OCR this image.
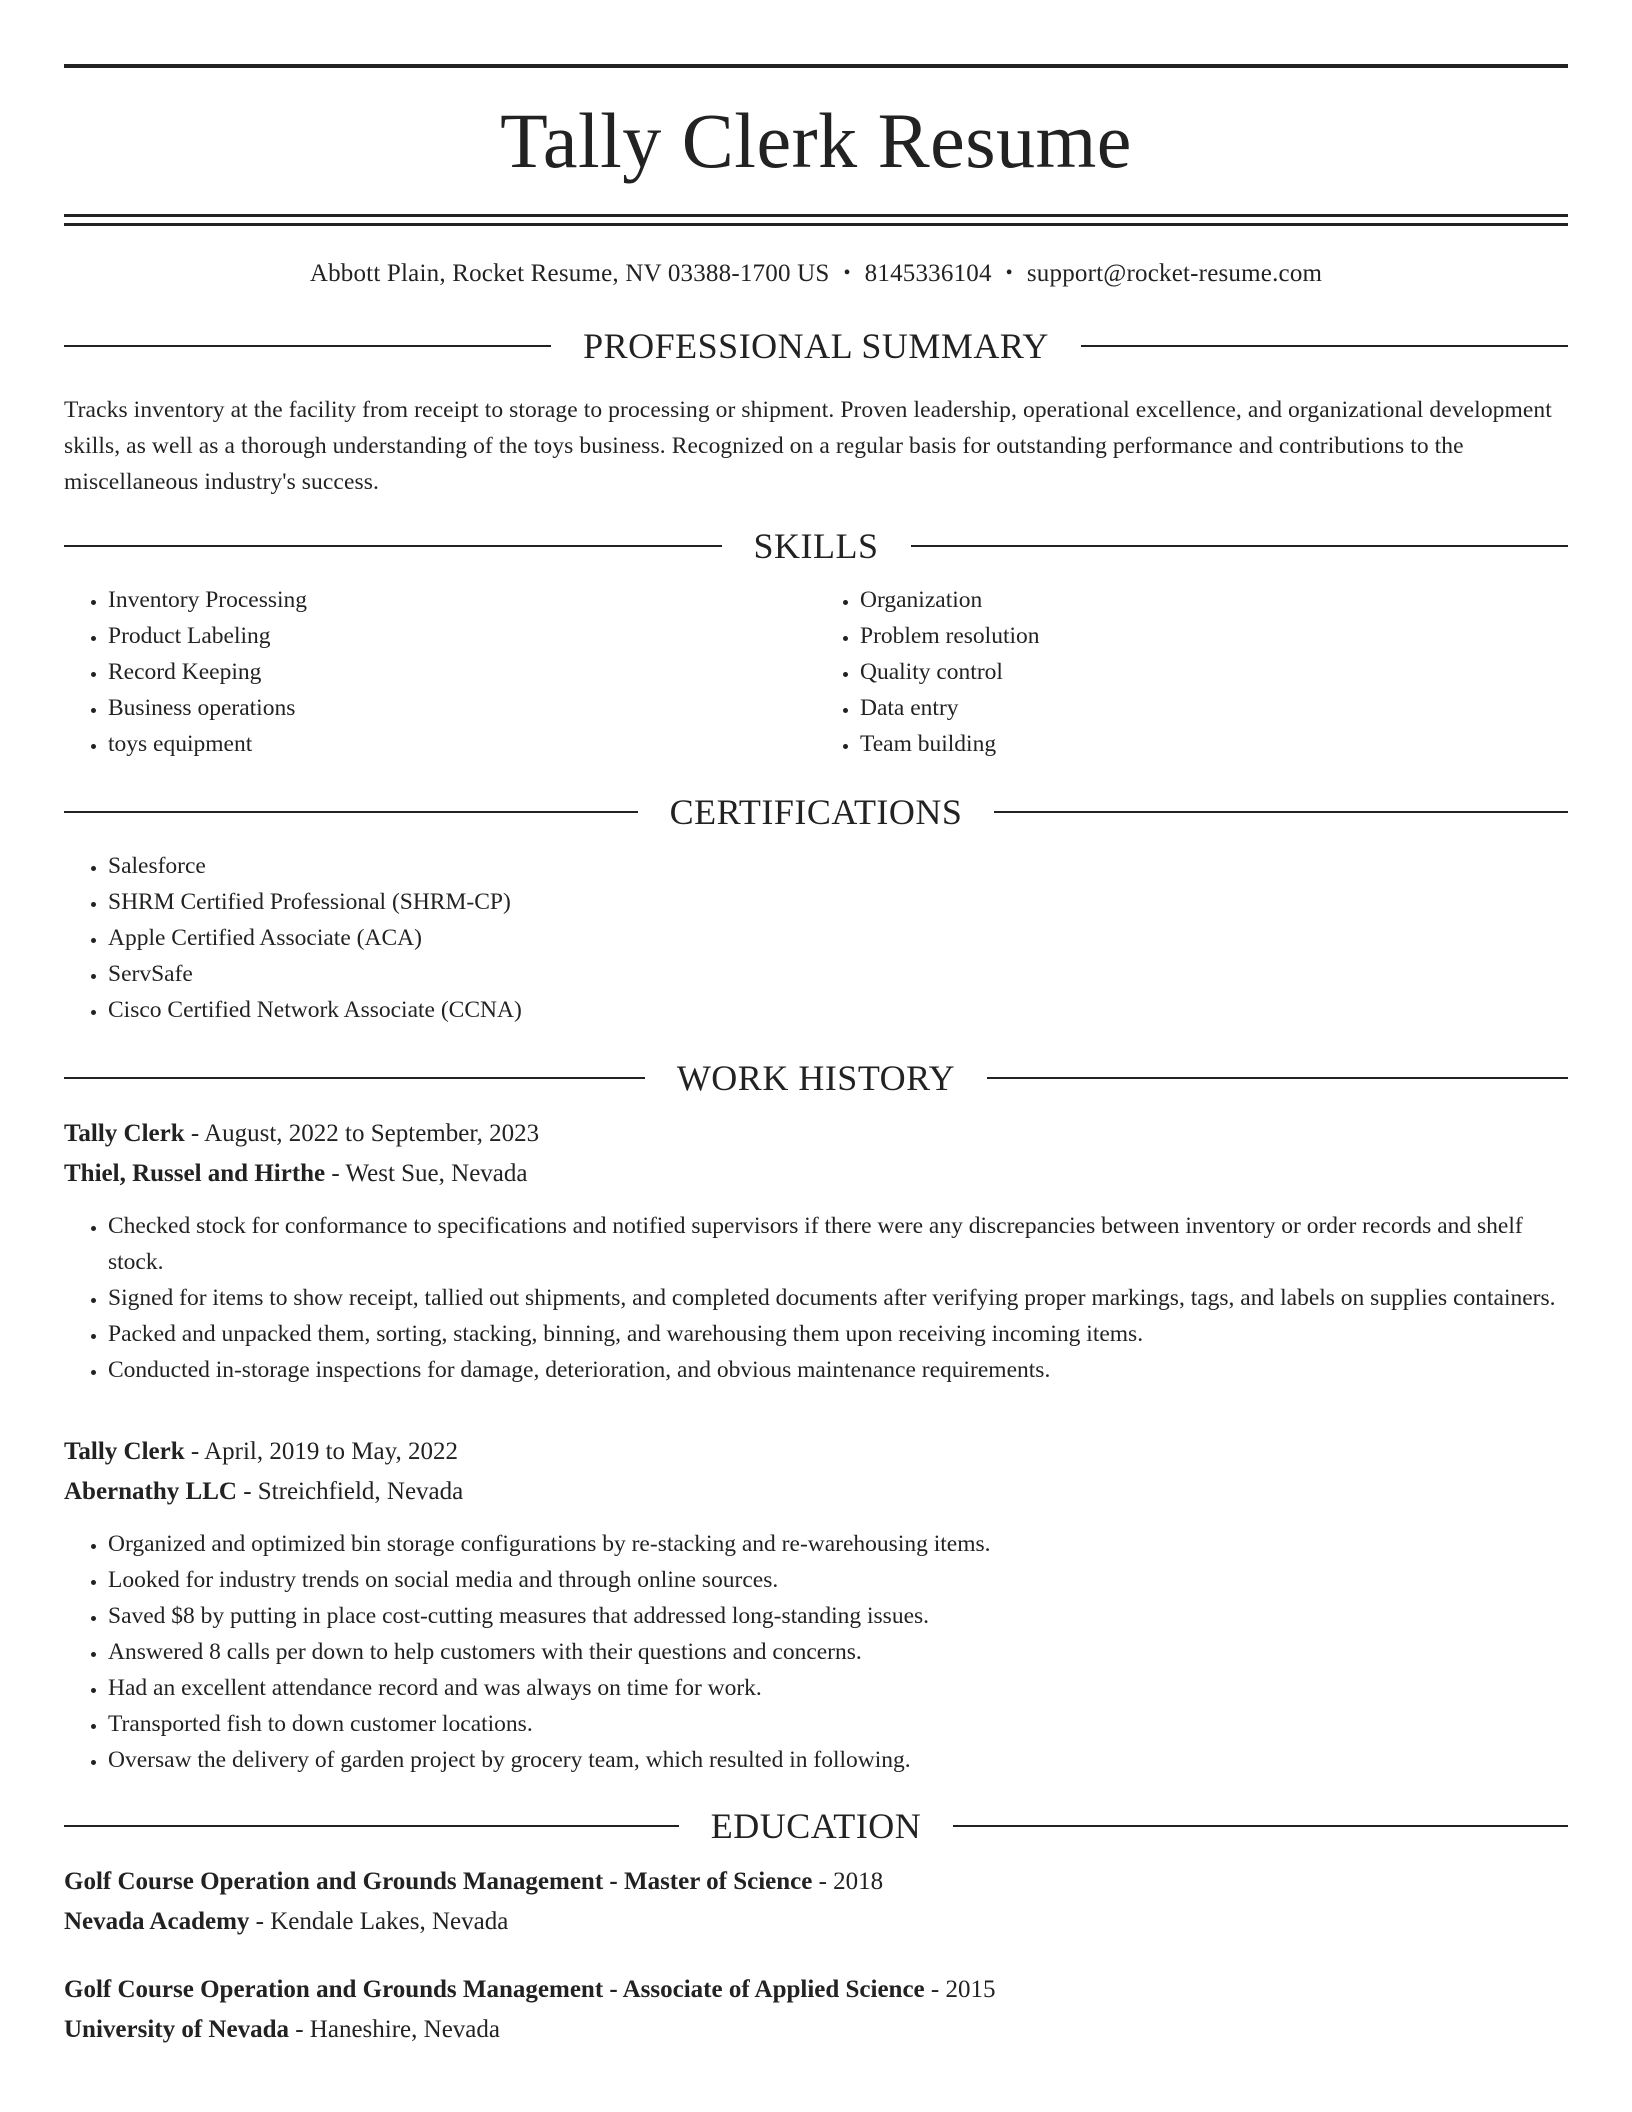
Tally Clerk Resume
Abbott Plain, Rocket Resume, NV 03388-1700 US • 8145336104 • support@rocket-resume.com
PROFESSIONAL SUMMARY
Tracks inventory at the facility from receipt to storage to processing or shipment. Proven leadership, operational excellence, and organizational development skills, as well as a thorough understanding of the toys business. Recognized on a regular basis for outstanding performance and contributions to the miscellaneous industry's success.
SKILLS
• Inventory Processing
• Product Labeling
• Record Keeping
• Business operations
• toys equipment
• Organization
• Problem resolution
• Quality control
• Data entry
• Team building
CERTIFICATIONS
• Salesforce
• SHRM Certified Professional (SHRM-CP)
• Apple Certified Associate (ACA)
• ServSafe
• Cisco Certified Network Associate (CCNA)
WORK HISTORY
Tally Clerk - August, 2022 to September, 2023
Thiel, Russel and Hirthe - West Sue, Nevada
• Checked stock for conformance to specifications and notified supervisors if there were any discrepancies between inventory or order records and shelf stock.
• Signed for items to show receipt, tallied out shipments, and completed documents after verifying proper markings, tags, and labels on supplies containers.
• Packed and unpacked them, sorting, stacking, binning, and warehousing them upon receiving incoming items.
• Conducted in-storage inspections for damage, deterioration, and obvious maintenance requirements.
Tally Clerk - April, 2019 to May, 2022
Abernathy LLC - Streichfield, Nevada
• Organized and optimized bin storage configurations by re-stacking and re-warehousing items.
• Looked for industry trends on social media and through online sources.
• Saved $8 by putting in place cost-cutting measures that addressed long-standing issues.
• Answered 8 calls per down to help customers with their questions and concerns.
• Had an excellent attendance record and was always on time for work.
• Transported fish to down customer locations.
• Oversaw the delivery of garden project by grocery team, which resulted in following.
EDUCATION
Golf Course Operation and Grounds Management - Master of Science - 2018
Nevada Academy - Kendale Lakes, Nevada
Golf Course Operation and Grounds Management - Associate of Applied Science - 2015
University of Nevada - Haneshire, Nevada
